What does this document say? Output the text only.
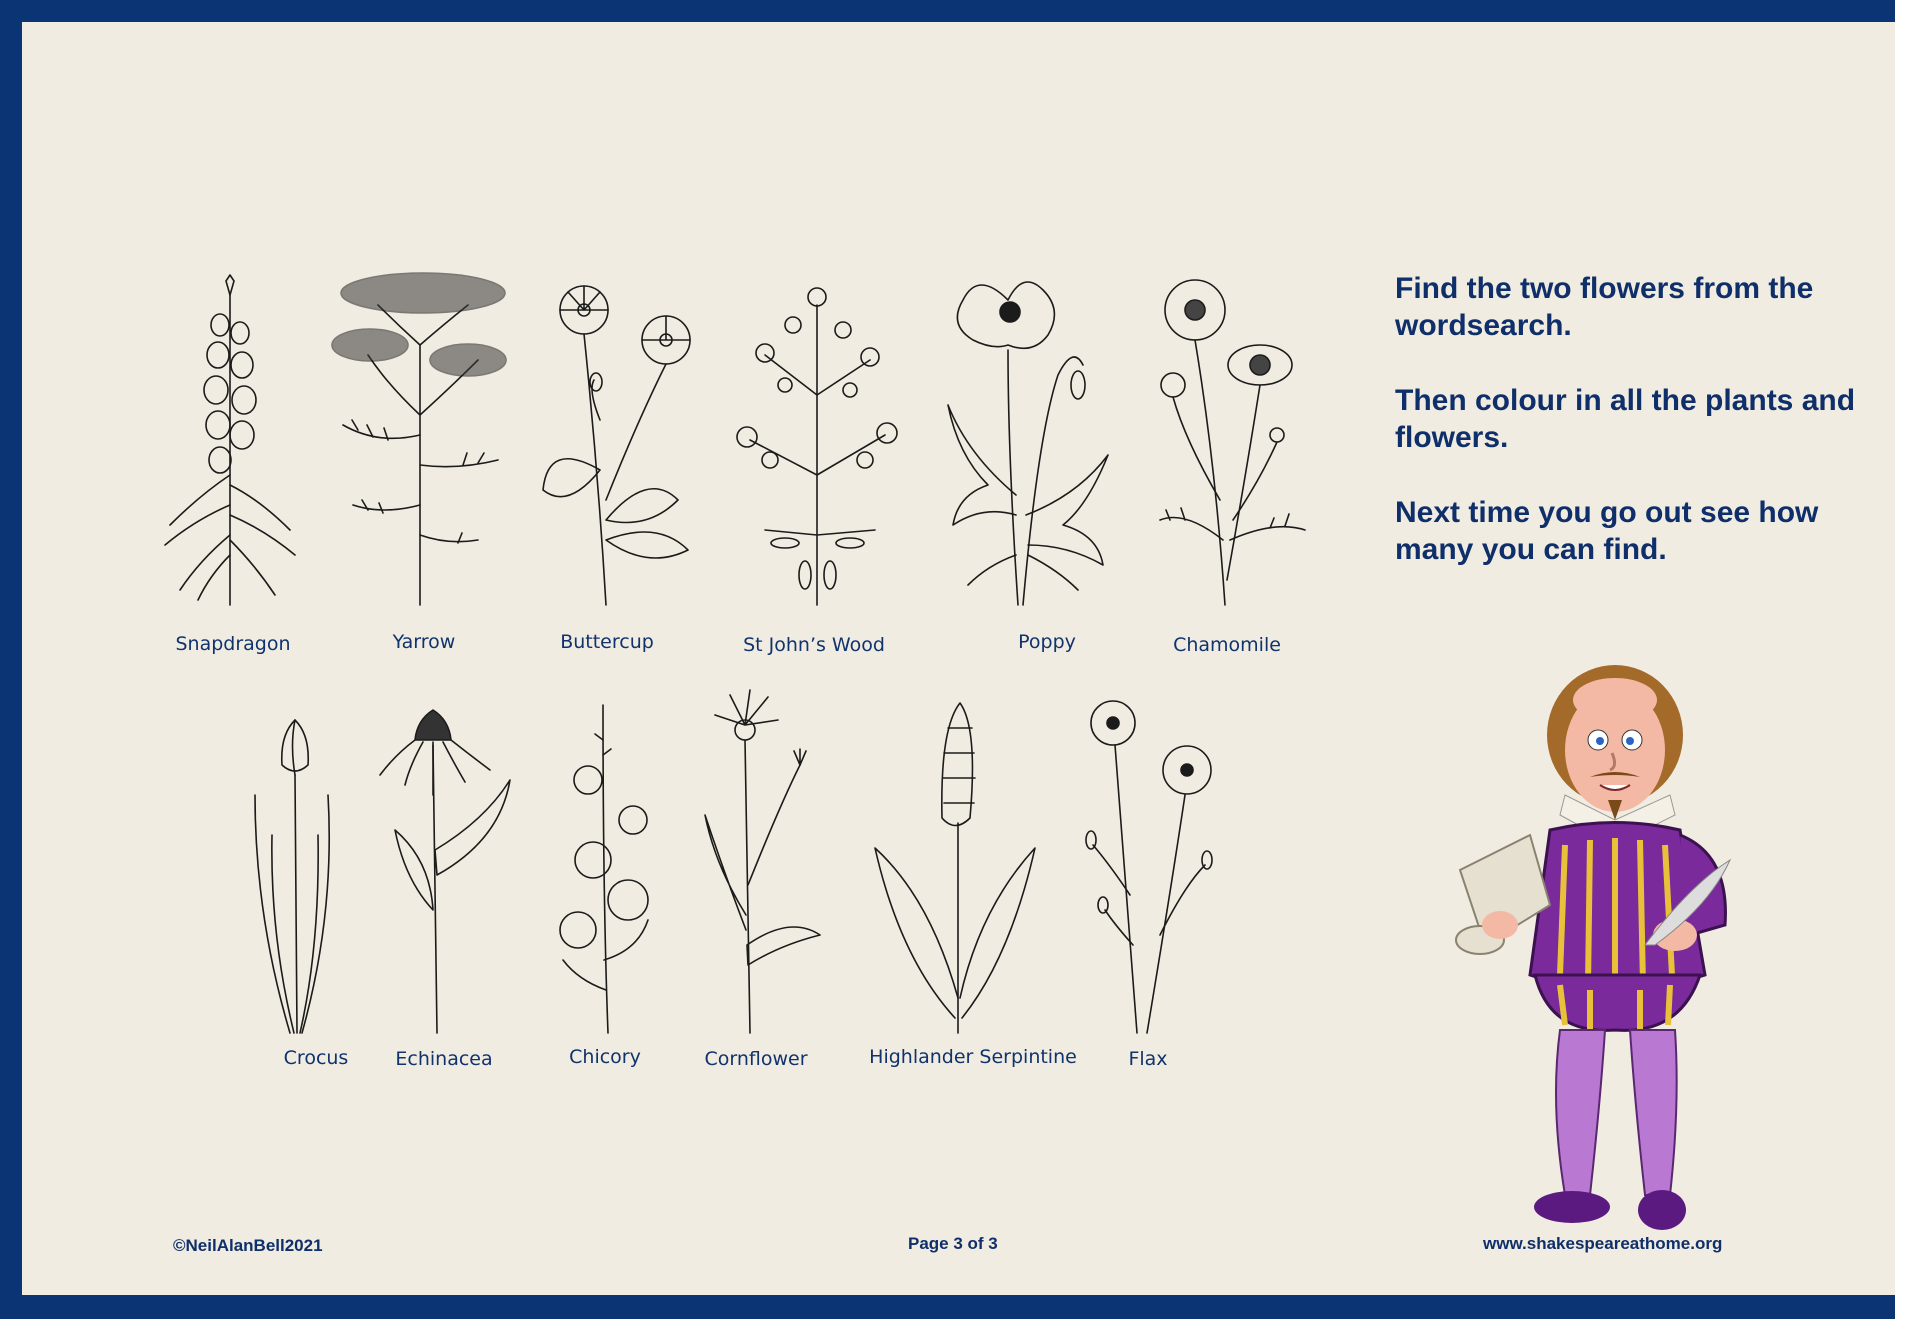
Snapdragon	Yarrow	Buttercup	St John’s Wood	Poppy	Chamomile
Crocus Echinacea	Chicory	Cornflower	Highlander Serpintine	Flax

Find the two flowers from the wordsearch.

Then colour in all the plants and flowers.

Next time you go out see how many you can find.

©NeilAlanBell2021	Page 3 of 3	www.shakespeareathome.org
